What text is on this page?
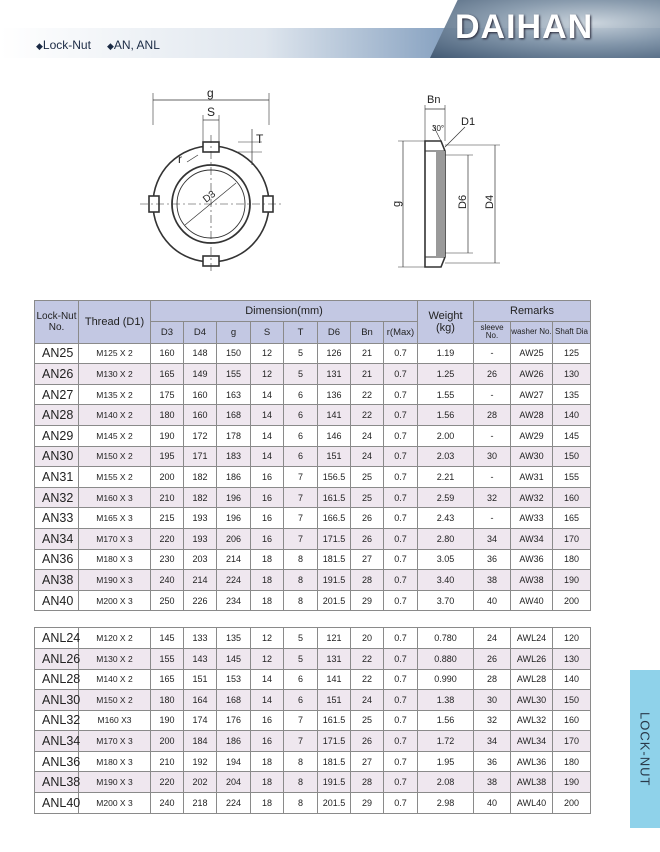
DAIHAN
◆ Lock-Nut	◆ AN, ANL
g
S
T
r
D3
Bn
30°
D1
g	D6 D4
Lock-Nut No.	Thread (D1)	Dimension(mm)								Weight (kg)	Remarks		
		D3	D4	g	S	T	D6	Bn	r(Max)		sleeve No.	washer No.	Shaft Dia
AN25	M125 X 2	160	148	150	12	5	126	21	0.7	1.19	-	AW25	125
AN26	M130 X 2	165	149	155	12	5	131	21	0.7	1.25	26	AW26	130
AN27	M135 X 2	175	160	163	14	6	136	22	0.7	1.55	-	AW27	135
AN28	M140 X 2	180	160	168	14	6	141	22	0.7	1.56	28	AW28	140
AN29	M145 X 2	190	172	178	14	6	146	24	0.7	2.00	-	AW29	145
AN30	M150 X 2	195	171	183	14	6	151	24	0.7	2.03	30	AW30	150
AN31	M155 X 2	200	182	186	16	7	156.5	25	0.7	2.21	-	AW31	155
AN32	M160 X 3	210	182	196	16	7	161.5	25	0.7	2.59	32	AW32	160
AN33	M165 X 3	215	193	196	16	7	166.5	26	0.7	2.43	-	AW33	165
AN34	M170 X 3	220	193	206	16	7	171.5	26	0.7	2.80	34	AW34	170
AN36	M180 X 3	230	203	214	18	8	181.5	27	0.7	3.05	36	AW36	180
AN38	M190 X 3	240	214	224	18	8	191.5	28	0.7	3.40	38	AW38	190
AN40	M200 X 3	250	226	234	18	8	201.5	29	0.7	3.70	40	AW40	200
ANL24	M120 X 2	145	133	135	12	5	121	20	0.7	0.780	24	AWL24	120
ANL26	M130 X 2	155	143	145	12	5	131	22	0.7	0.880	26	AWL26	130
ANL28	M140 X 2	165	151	153	14	6	141	22	0.7	0.990	28	AWL28	140
ANL30	M150 X 2	180	164	168	14	6	151	24	0.7	1.38	30	AWL30	150
ANL32	M160 X3	190	174	176	16	7	161.5	25	0.7	1.56	32	AWL32	160
ANL34	M170 X 3	200	184	186	16	7	171.5	26	0.7	1.72	34	AWL34	170
ANL36	M180 X 3	210	192	194	18	8	181.5	27	0.7	1.95	36	AWL36	180
ANL38	M190 X 3	220	202	204	18	8	191.5	28	0.7	2.08	38	AWL38	190
ANL40	M200 X 3	240	218	224	18	8	201.5	29	0.7	2.98	40	AWL40	200
LOCK-NUT
